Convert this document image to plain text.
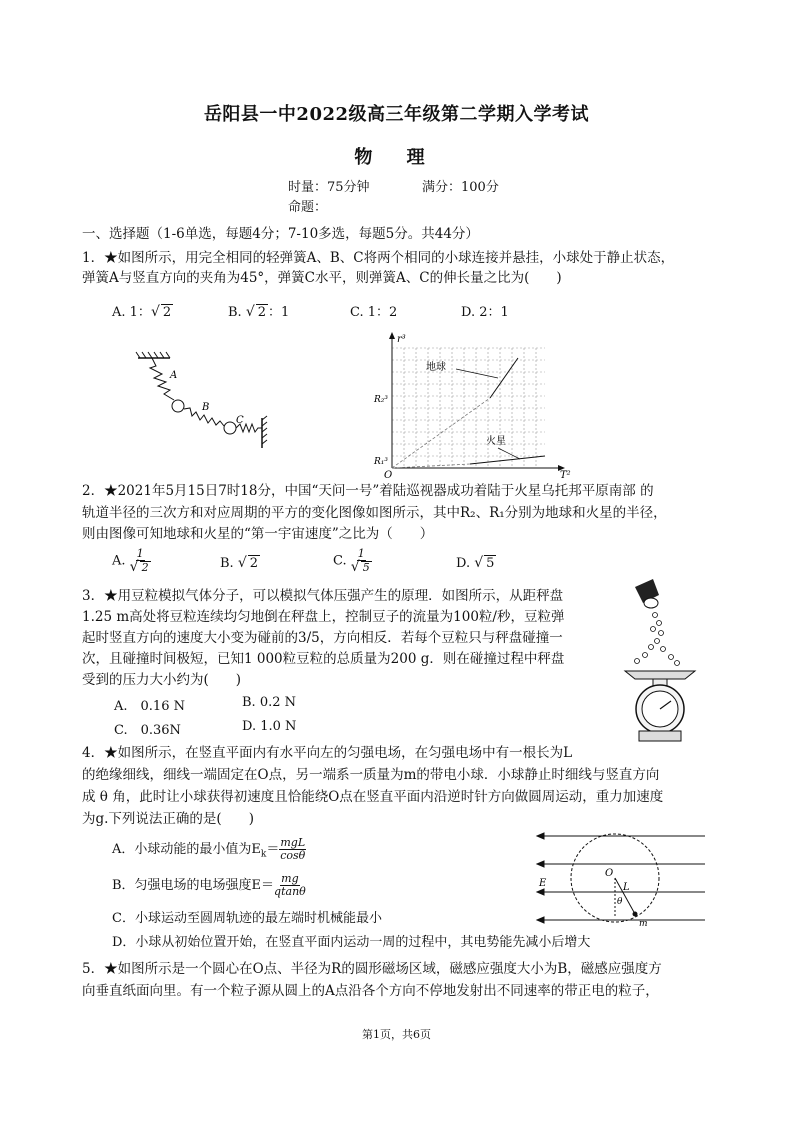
岳阳县一中2022级高三年级第二学期入学考试
物 理
时量：75分钟	满分：100分
命题：
一、选择题（1-6单选，每题4分；7-10多选，每题5分。共44分）
1．★如图所示，用完全相同的轻弹簧A、B、C将两个相同的小球连接并悬挂，小球处于静止状态，
弹簧A与竖直方向的夹角为45°，弹簧C水平，则弹簧A、C的伸长量之比为(　　)
A. 1：√ 2	B. √ 2 ：1	C. 1：2	D. 2：1
A
B
C
r³
T²
O
R₂³
R₁³
地球
火星
2．★2021年5月15日7时18分，中国“天问一号”着陆巡视器成功着陆于火星乌托邦平原南部 的
轨道半径的三次方和对应周期的平方的变化图像如图所示，其中R₂、R₁分别为地球和火星的半径，
则由图像可知地球和火星的“第一宇宙速度”之比为（　　）
A. $\frac{1}{√ 2}$	B. √ 2	C. $\frac{1}{√ 5}$	D. √ 5
3．★用豆粒模拟气体分子，可以模拟气体压强产生的原理．如图所示，从距秤盘
1.25 m高处将豆粒连续均匀地倒在秤盘上，控制豆子的流量为100粒/秒，豆粒弹
起时竖直方向的速度大小变为碰前的3/5，方向相反．若每个豆粒只与秤盘碰撞一
次，且碰撞时间极短，已知1 000粒豆粒的总质量为200 g．则在碰撞过程中秤盘
受到的压力大小约为(　　)
A.　0.16 N	B. 0.2 N
C.　0.36N	D. 1.0 N
4．★如图所示，在竖直平面内有水平向左的匀强电场，在匀强电场中有一根长为L
的绝缘细线，细线一端固定在O点，另一端系一质量为m的带电小球．小球静止时细线与竖直方向
成 θ 角，此时让小球获得初速度且恰能绕O点在竖直平面内沿逆时针方向做圆周运动，重力加速度
为g.下列说法正确的是(　　)
A．小球动能的最小值为$E_k= \frac{\text{mgL}}{\cos\theta}$
B．匀强电场的电场强度$E= \frac{mg}{qtan\theta}$
C．小球运动至圆周轨迹的最左端时机械能最小
D．小球从初始位置开始，在竖直平面内运动一周的过程中，其电势能先减小后增大
E
O
L
θ
m
5．★如图所示是一个圆心在O点、半径为R的圆形磁场区域，磁感应强度大小为B，磁感应强度方
向垂直纸面向里。有一个粒子源从圆上的A点沿各个方向不停地发射出不同速率的带正电的粒子，
第1页，共6页
